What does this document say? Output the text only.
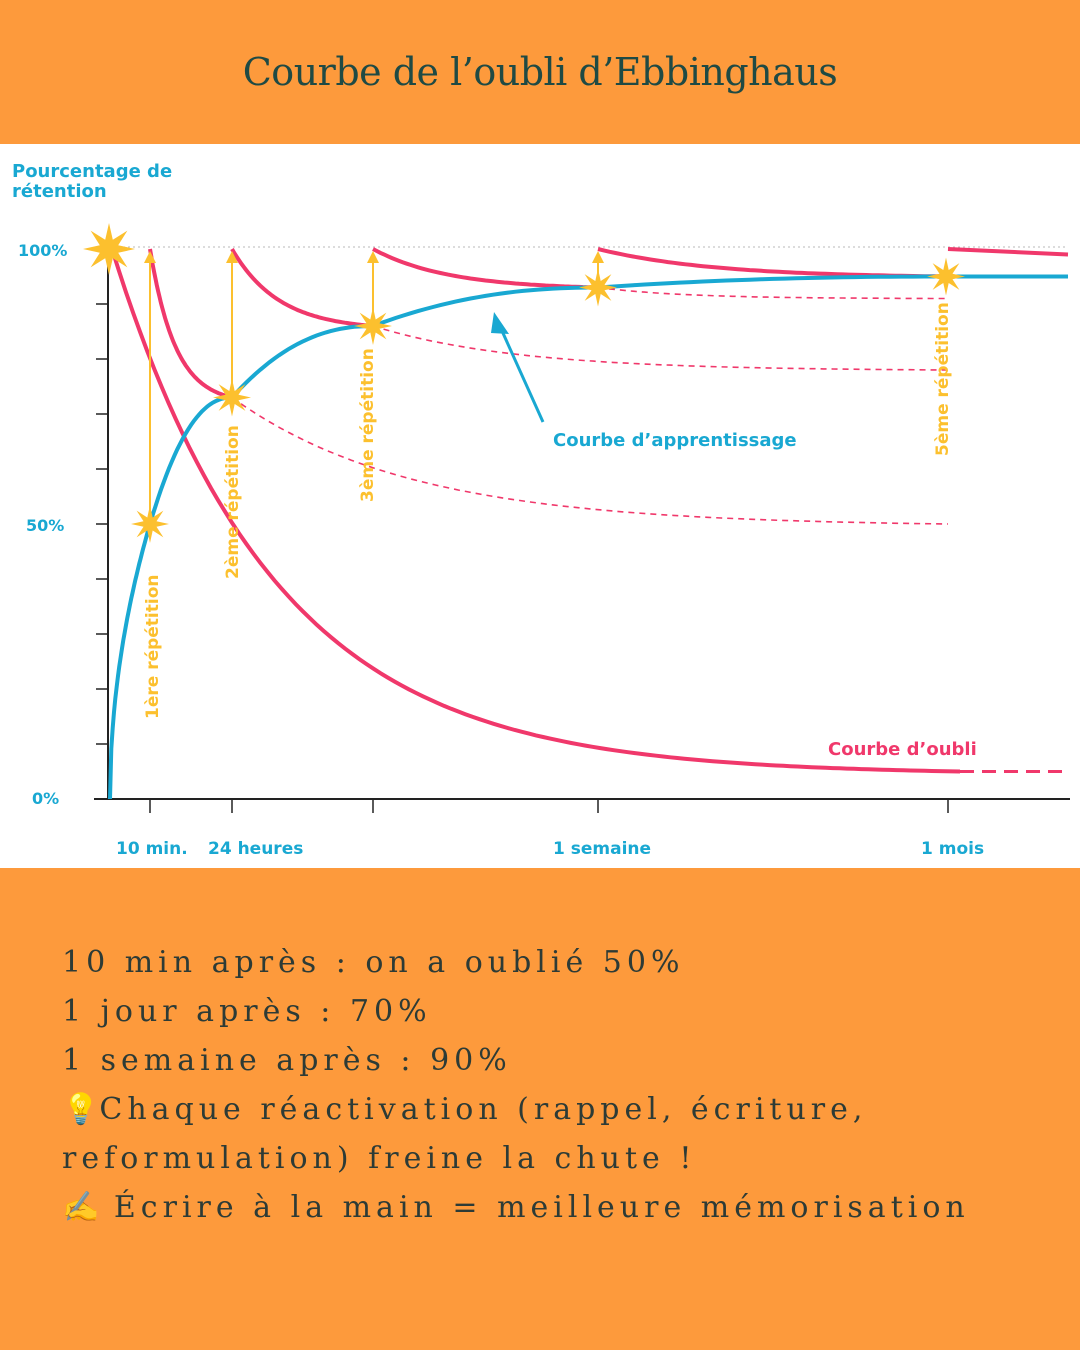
Courbe de l’oubli d’Ebbinghaus
Pourcentage de
rétention
100%
50%
0%
10 min. 24 heures	1 semaine	1 mois
Courbe d’apprentissage
Courbe d’oubli
1ère répétition
2ème répétition
3ème répétition	5ème répétition
10 min après : on a oublié 50%
1 jour après : 70%
1 semaine après : 90%
💡Chaque réactivation (rappel, écriture, reformulation) freine la chute !
✍ Écrire à la main = meilleure mémorisation
